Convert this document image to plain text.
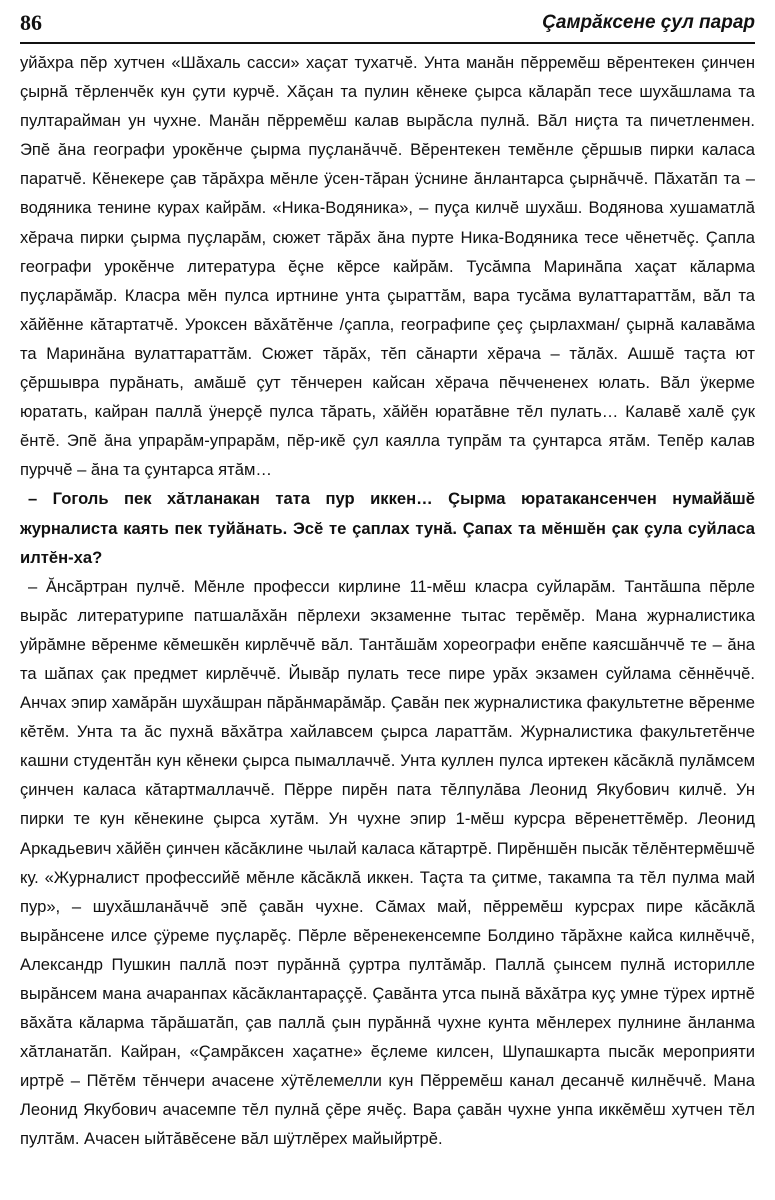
86	Çамрăксене çул парар

уйăхра пĕр хутчен «Шăхаль сасси» хаçат тухатчĕ. Унта манăн пĕрремĕш вĕрентекен çинчен çырнă тĕрленчĕк кун çути курчĕ. Хăçан та пулин кĕнеке çырса кăларăп тесе шухăшлама та пултарайман ун чухне. Манăн пĕрремĕш калав вырăсла пулнă. Вăл ниçта та пичетленмен. Эпĕ ăна географи урокĕнче çырма пуçланăччĕ. Вĕрентекен темĕнле çĕршыв пирки каласа паратчĕ. Кĕнекере çав тăрăхра мĕнле ÿсен-тăран ÿснине ăнлантарса çырнăччĕ. Пăхатăп та – водяника тенине курах кайрăм. «Ника-Водяника», – пуçа килчĕ шухăш. Водянова хушаматлă хĕрача пирки çырма пуçларăм, сюжет тăрăх ăна пурте Ника-Водяника тесе чĕнетчĕç. Çапла географи урокĕнче литература ĕçне кĕрсе кайрăм. Тусăмпа Маринăпа хаçат кăларма пуçларăмăр. Класра мĕн пулса иртнине унта çыраттăм, вара тусăма вулаттараттăм, вăл та хăйĕнне кăтартатчĕ. Уроксен вăхăтĕнче /çапла, географипе çеç çырлахман/ çырнă калавăма та Маринăна вулаттараттăм. Сюжет тăрăх, тĕп сăнарти хĕрача – тăлăх. Ашшĕ таçта ют çĕршывра пурăнать, амăшĕ çут тĕнчерен кайсан хĕрача пĕччененех юлать. Вăл ÿкерме юратать, кайран паллă ÿнерçĕ пулса тăрать, хăйĕн юратăвне тĕл пулать… Калавĕ халĕ çук ĕнтĕ. Эпĕ ăна упрарăм-упрарăм, пĕр-икĕ çул каялла тупрăм та çунтарса ятăм. Тепĕр калав пурччĕ – ăна та çунтарса ятăм…

– Гоголь пек хăтланакан тата пур иккен… Çырма юратакансенчен нумайăшĕ журналиста каять пек туйăнать. Эсĕ те çаплах тунă. Çапах та мĕншĕн çак çула суйласа илтĕн-ха?

– Ăнсăртран пулчĕ. Мĕнле професси кирлине 11-мĕш класра суйларăм. Тантăшпа пĕрле вырăс литературипе патшалăхăн пĕрлехи экзаменне тытас терĕмĕр. Мана журналистика уйрăмне вĕренме кĕмешкĕн кирлĕччĕ вăл. Тантăшăм хореографи енĕпе каясшăнччĕ те – ăна та шăпах çак предмет кирлĕччĕ. Йывăр пулать тесе пире урăх экзамен суйлама сĕннĕччĕ. Анчах эпир хамăрăн шухăшран пăрăнмарăмăр. Çавăн пек журналистика факультетне вĕренме кĕтĕм. Унта та ăс пухнă вăхăтра хайлавсем çырса лараттăм. Журналистика факультетĕнче кашни студентăн кун кĕнеки çырса пымаллаччĕ. Унта куллен пулса иртекен кăсăклă пулăмсем çинчен каласа кăтартмаллаччĕ. Пĕрре пирĕн пата тĕлпулăва Леонид Якубович килчĕ. Ун пирки те кун кĕнекине çырса хутăм. Ун чухне эпир 1-мĕш курсра вĕренеттĕмĕр. Леонид Аркадьевич хăйĕн çинчен кăсăклине чылай каласа кăтартрĕ. Пирĕншĕн пысăк тĕлĕнтермĕшчĕ ку. «Журналист профессийĕ мĕнле кăсăклă иккен. Таçта та çитме, такампа та тĕл пулма май пур», – шухăшланăччĕ эпĕ çавăн чухне. Сăмах май, пĕрремĕш курсрах пире кăсăклă вырăнсене илсе çÿреме пуçларĕç. Пĕрле вĕренекенсемпе Болдино тăрăхне кайса килнĕччĕ, Александр Пушкин паллă поэт пурăннă çуртра пултăмăр. Паллă çынсем пулнă историлле вырăнсем мана ачаранпах кăсăклантараççĕ. Çавăнта утса пынă вăхăтра куç умне тÿрех иртнĕ вăхăта кăларма тăрăшатăп, çав паллă çын пурăннă чухне кунта мĕнлерех пулнине ăнланма хăтланатăп. Кайран, «Çамрăксен хаçатне» ĕçлеме килсен, Шупашкарта пысăк мероприяти иртрĕ – Пĕтĕм тĕнчери ачасене хÿтĕлемелли кун Пĕрремĕш канал десанчĕ килнĕччĕ. Мана Леонид Якубович ачасемпе тĕл пулнă çĕре ячĕç. Вара çавăн чухне унпа иккĕмĕш хутчен тĕл пултăм. Ачасен ыйтăвĕсене вăл шÿтлĕрех майыйртрĕ.
